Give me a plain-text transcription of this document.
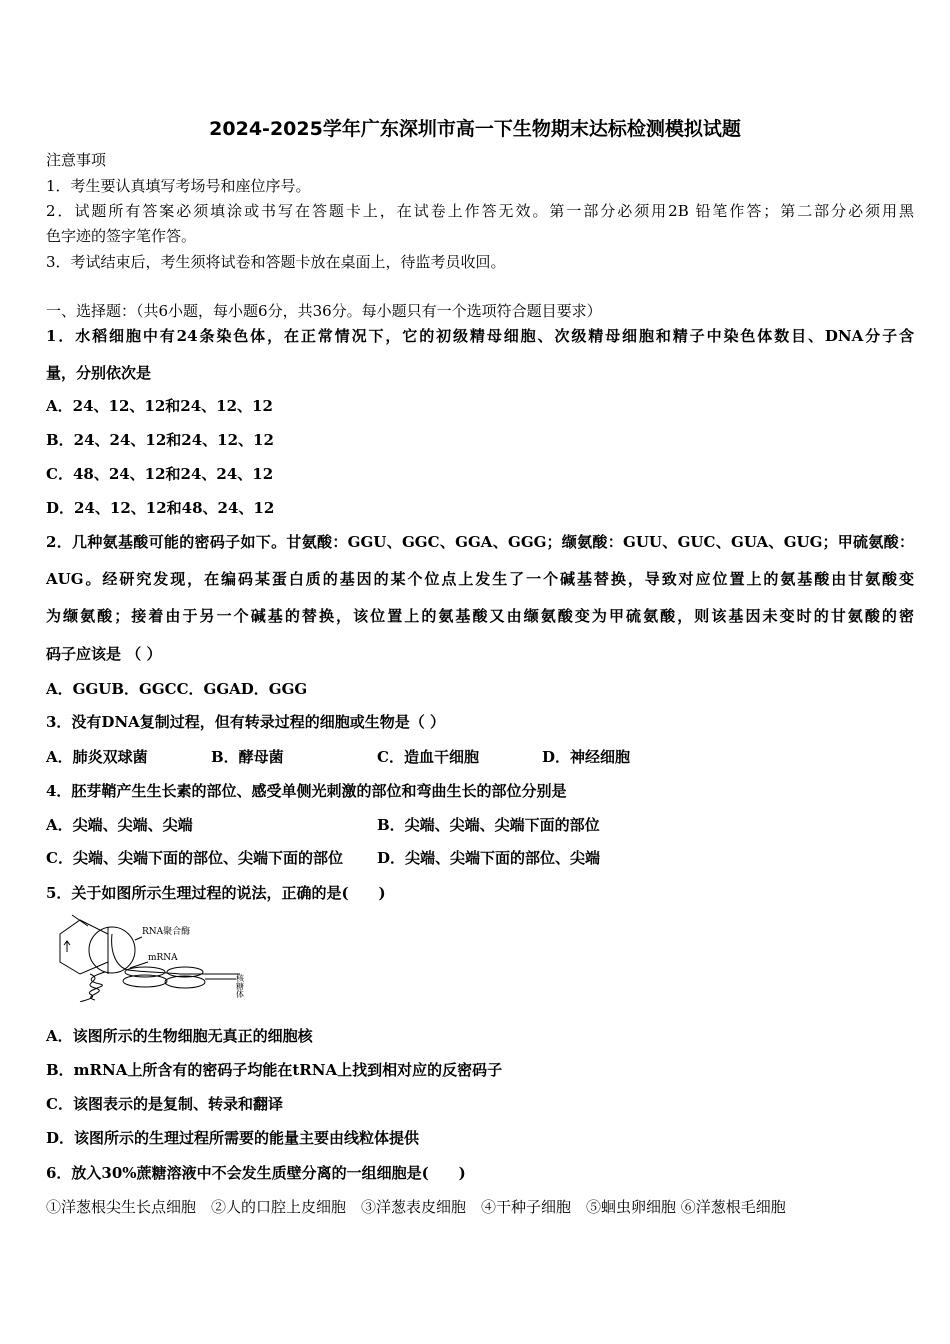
2024-2025学年广东深圳市高一下生物期末达标检测模拟试题
注意事项
1．考生要认真填写考场号和座位序号。
2．试题所有答案必须填涂或书写在答题卡上，在试卷上作答无效。第一部分必须用2B 铅笔作答；第二部分必须用黑
色字迹的签字笔作答。
3．考试结束后，考生须将试卷和答题卡放在桌面上，待监考员收回。
一、选择题：（共6小题，每小题6分，共36分。每小题只有一个选项符合题目要求）
1．水稻细胞中有24条染色体，在正常情况下，它的初级精母细胞、次级精母细胞和精子中染色体数目、DNA分子含
量，分别依次是
A．24、12、12和24、12、12
B．24、24、12和24、12、12
C．48、24、12和24、24、12
D．24、12、12和48、24、12
2．几种氨基酸可能的密码子如下。甘氨酸：GGU、GGC、GGA、GGG；缬氨酸：GUU、GUC、GUA、GUG；甲硫氨酸：
AUG。经研究发现，在编码某蛋白质的基因的某个位点上发生了一个碱基替换，导致对应位置上的氨基酸由甘氨酸变
为缬氨酸；接着由于另一个碱基的替换，该位置上的氨基酸又由缬氨酸变为甲硫氨酸，则该基因未变时的甘氨酸的密
码子应该是 （ ）
A．GGUB．GGCC．GGAD．GGG
3．没有DNA复制过程，但有转录过程的细胞或生物是（ ）
A．肺炎双球菌	B．酵母菌	C．造血干细胞	D．神经细胞
4．胚芽鞘产生生长素的部位、感受单侧光刺激的部位和弯曲生长的部位分别是
A．尖端、尖端、尖端	B．尖端、尖端、尖端下面的部位
C．尖端、尖端下面的部位、尖端下面的部位 D．尖端、尖端下面的部位、尖端
5．关于如图所示生理过程的说法，正确的是(　　)
RNA聚合酶
mRNA
核糖体
A．该图所示的生物细胞无真正的细胞核
B．mRNA上所含有的密码子均能在tRNA上找到相对应的反密码子
C．该图表示的是复制、转录和翻译
D．该图所示的生理过程所需要的能量主要由线粒体提供
6．放入30%蔗糖溶液中不会发生质壁分离的一组细胞是(　　)
①洋葱根尖生长点细胞　②人的口腔上皮细胞　③洋葱表皮细胞　④干种子细胞　⑤蛔虫卵细胞 ⑥洋葱根毛细胞
